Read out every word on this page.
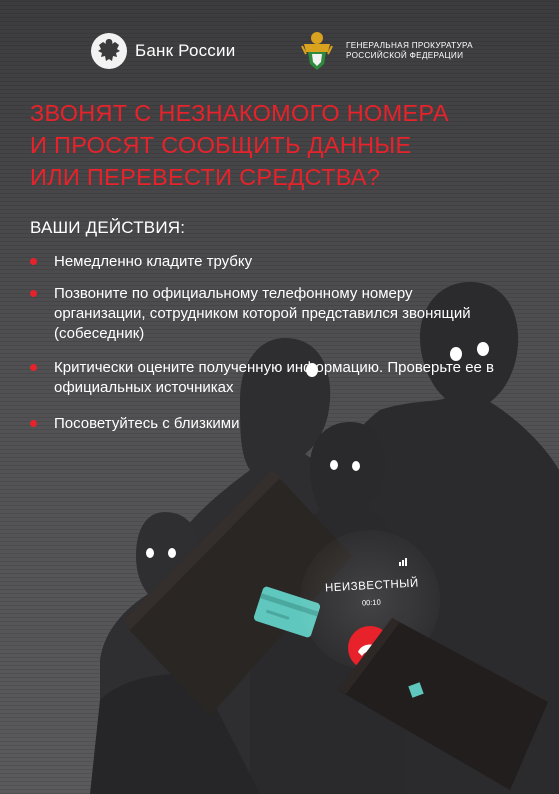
Банк России	ГЕНЕРАЛЬНАЯ ПРОКУРАТУРА
РОССИЙСКОЙ ФЕДЕРАЦИИ
ЗВОНЯТ С НЕЗНАКОМОГО НОМЕРА
И ПРОСЯТ СООБЩИТЬ ДАННЫЕ
ИЛИ ПЕРЕВЕСТИ СРЕДСТВА?
ВАШИ ДЕЙСТВИЯ:
Немедленно кладите трубку
Позвоните по официальному телефонному номеру организации, сотрудником которой представился звонящий (собеседник)
Критически оцените полученную информацию. Проверьте ее в официальных источниках
Посоветуйтесь с близкими
НЕИЗВЕСТНЫЙ
00:10
